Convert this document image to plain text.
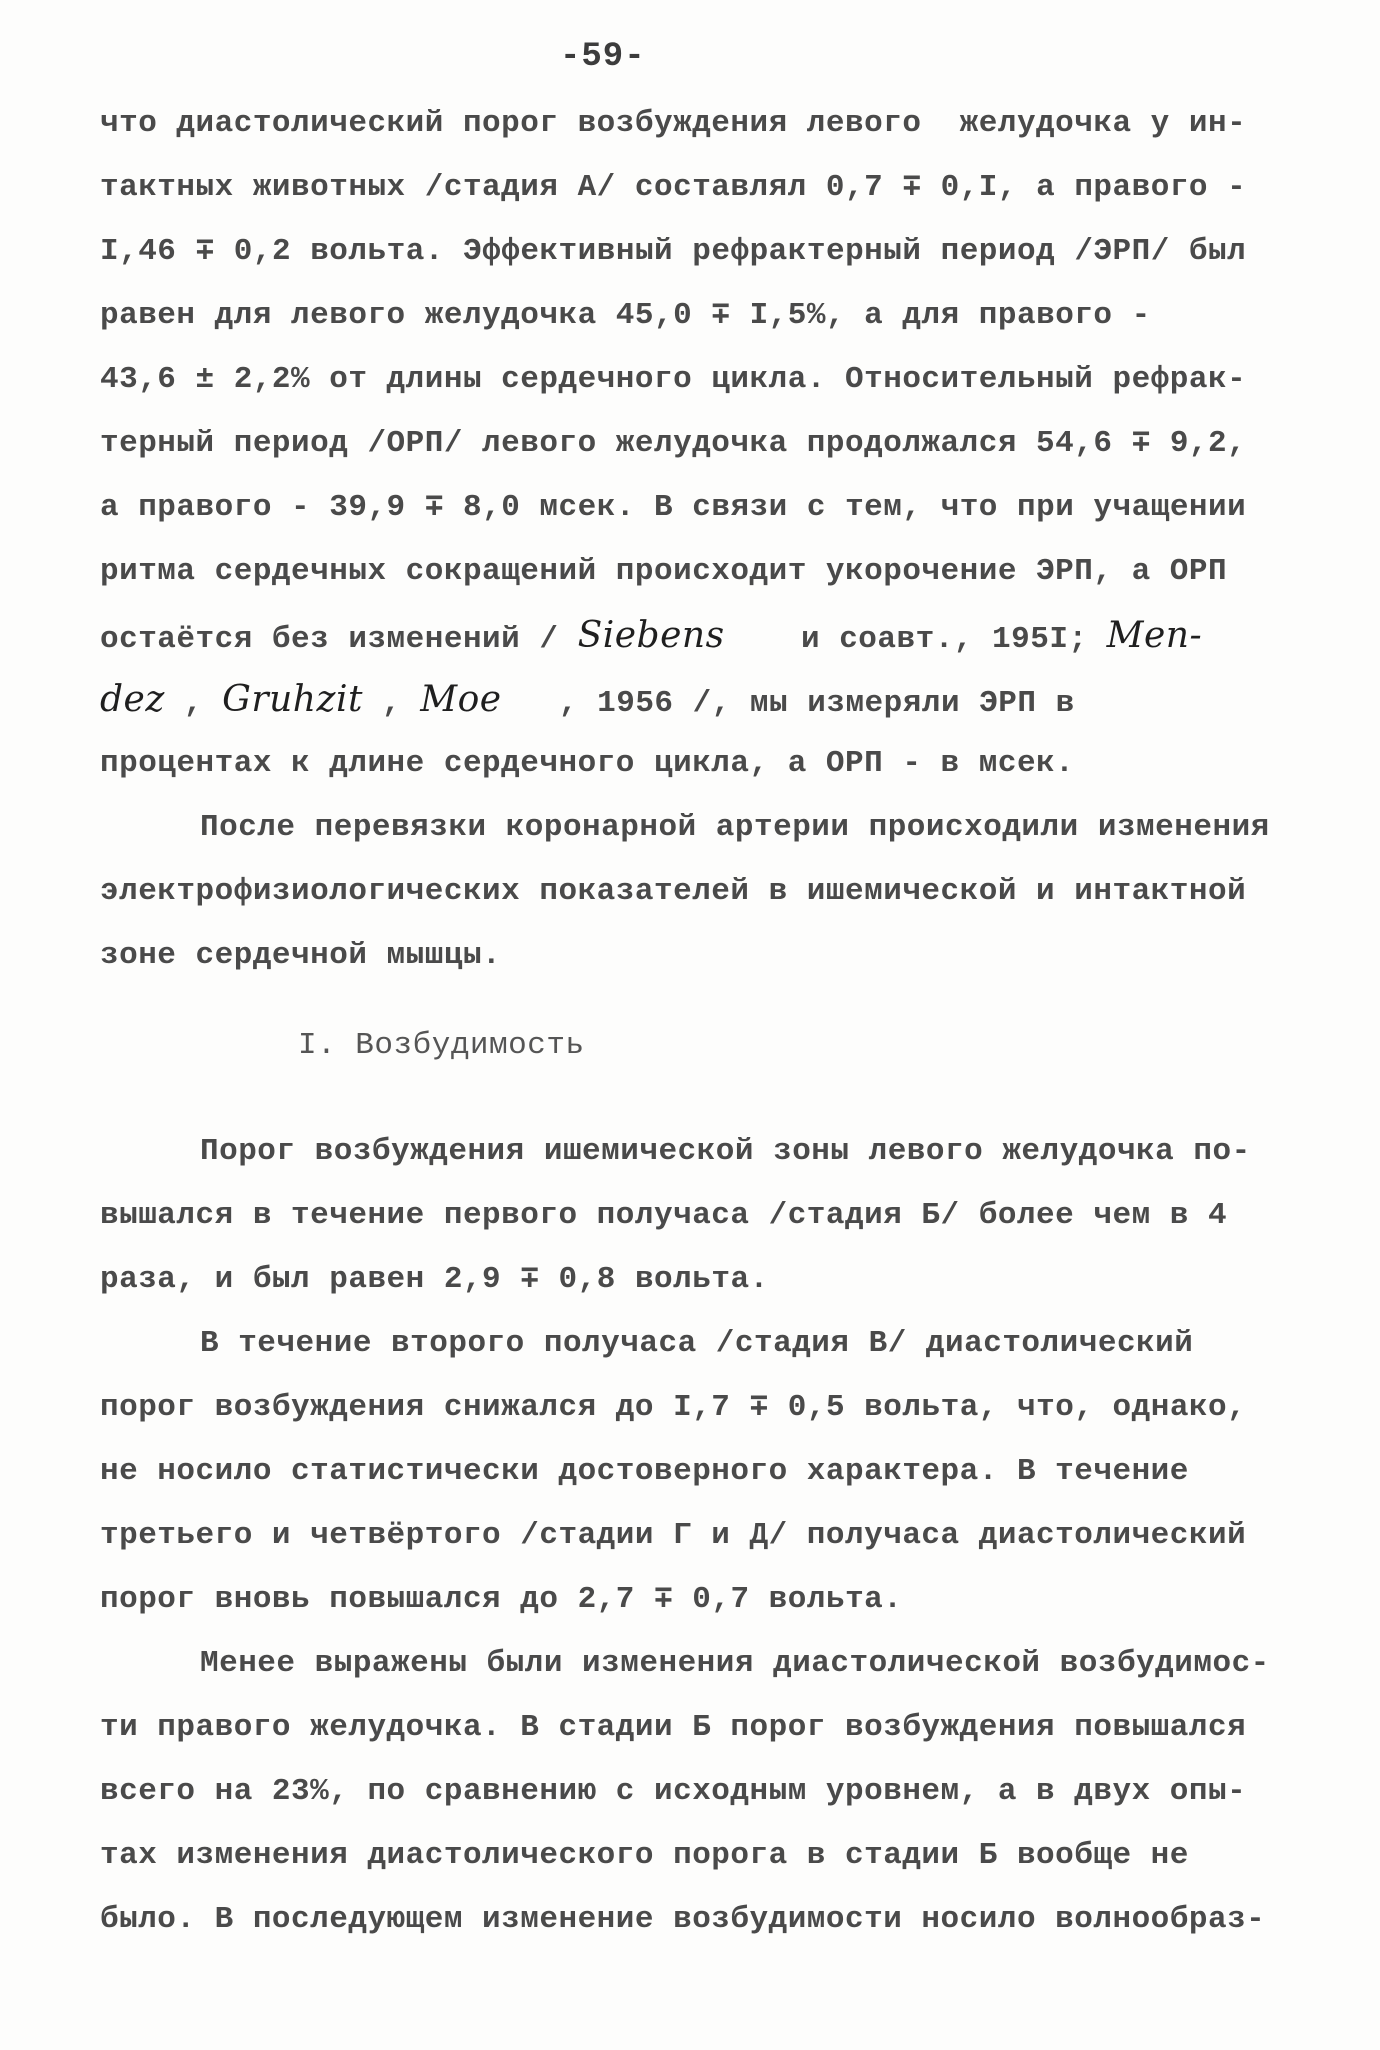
-59-
что диастолический порог возбуждения левого  желудочка у ин-
тактных животных /стадия А/ составлял 0,7 ∓ 0,I, а правого -
I,46 ∓ 0,2 вольта. Эффективный рефрактерный период /ЭРП/ был
равен для левого желудочка 45,0 ∓ I,5%, а для правого -
43,6 ± 2,2% от длины сердечного цикла. Относительный рефрак-
терный период /ОРП/ левого желудочка продолжался 54,6 ∓ 9,2,
а правого - 39,9 ∓ 8,0 мсек. В связи с тем, что при учащении
ритма сердечных сокращений происходит укорочение ЭРП, а ОРП
остаётся без изменений / Siebens    и соавт., 195I; Men-
dez , Gruhzit , Moe   , 1956 /, мы измеряли ЭРП в
процентах к длине сердечного цикла, а ОРП - в мсек.
После перевязки коронарной артерии происходили изменения
электрофизиологических показателей в ишемической и интактной
зоне сердечной мышцы.
I. Возбудимость
Порог возбуждения ишемической зоны левого желудочка по-
вышался в течение первого получаса /стадия Б/ более чем в 4
раза, и был равен 2,9 ∓ 0,8 вольта.
В течение второго получаса /стадия В/ диастолический
порог возбуждения снижался до I,7 ∓ 0,5 вольта, что, однако,
не носило статистически достоверного характера. В течение
третьего и четвёртого /стадии Г и Д/ получаса диастолический
порог вновь повышался до 2,7 ∓ 0,7 вольта.
Менее выражены были изменения диастолической возбудимос-
ти правого желудочка. В стадии Б порог возбуждения повышался
всего на 23%, по сравнению с исходным уровнем, а в двух опы-
тах изменения диастолического порога в стадии Б вообще не
было. В последующем изменение возбудимости носило волнообраз-
